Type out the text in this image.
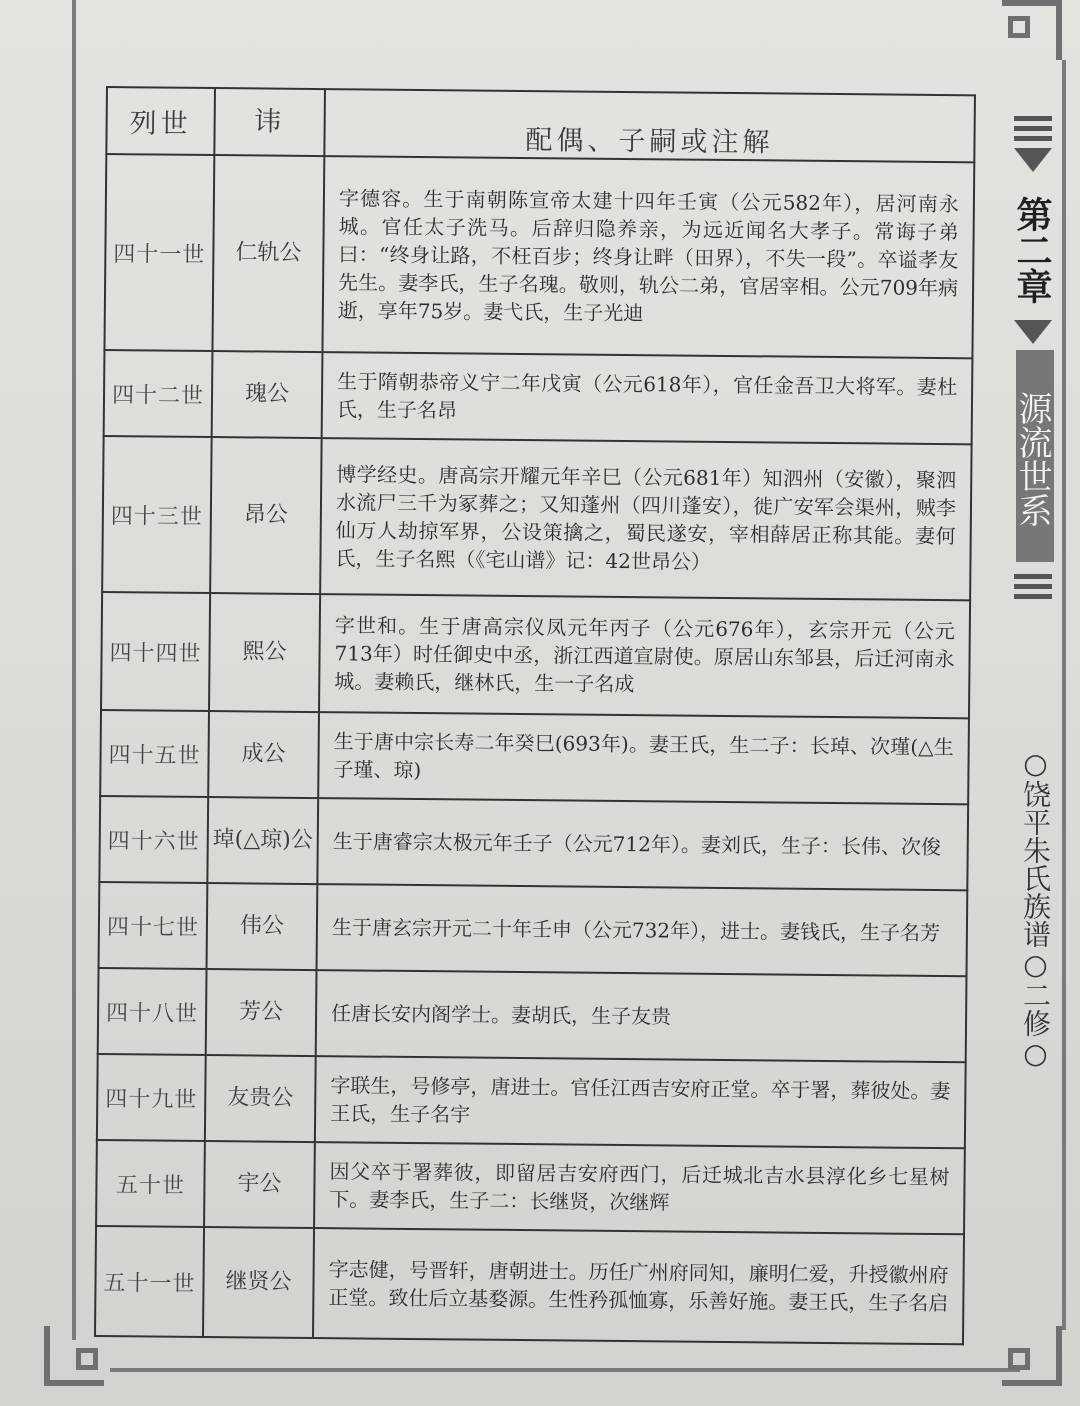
列世	讳	配偶、子嗣或注解
四十一世	仁轨公	字德容。生于南朝陈宣帝太建十四年壬寅（公元582年），居河南永城。官任太子洗马。后辞归隐养亲，为远近闻名大孝子。常诲子弟曰：“终身让路，不枉百步；终身让畔（田界），不失一段”。卒谥孝友先生。妻李氏，生子名瑰。敬则，轨公二弟，官居宰相。公元709年病逝，享年75岁。妻弋氏，生子光迪
四十二世	瑰公	生于隋朝恭帝义宁二年戊寅（公元618年），官任金吾卫大将军。妻杜氏，生子名昂
四十三世	昂公	博学经史。唐高宗开耀元年辛巳（公元681年）知泗州（安徽），聚泗水流尸三千为冢葬之；又知蓬州（四川蓬安），徙广安军会渠州，贼李仙万人劫掠军界，公设策擒之，蜀民遂安，宰相薛居正称其能。妻何氏，生子名熙（《宅山谱》记：42世昂公）
四十四世	熙公	字世和。生于唐高宗仪凤元年丙子（公元676年），玄宗开元（公元713年）时任御史中丞，浙江西道宣尉使。原居山东邹县，后迁河南永城。妻赖氏，继林氏，生一子名成
四十五世	成公	生于唐中宗长寿二年癸巳(693年)。妻王氏，生二子：长琸、次瑾(△生子瑾、琼)
四十六世	琸(△琼)公	生于唐睿宗太极元年壬子（公元712年）。妻刘氏，生子：长伟、次俊
四十七世	伟公	生于唐玄宗开元二十年壬申（公元732年），进士。妻钱氏，生子名芳
四十八世	芳公	任唐长安内阁学士。妻胡氏，生子友贵
四十九世	友贵公	字联生，号修亭，唐进士。官任江西吉安府正堂。卒于署，葬彼处。妻王氏，生子名宇
五十世	宇公	因父卒于署葬彼，即留居吉安府西门，后迁城北吉水县淳化乡七星树下。妻李氏，生子二：长继贤，次继辉
五十一世	继贤公	字志健，号晋轩，唐朝进士。历任广州府同知，廉明仁爱，升授徽州府正堂。致仕后立基婺源。生性矜孤恤寡，乐善好施。妻王氏，生子名启
第二章
源流世系
○饶平朱氏族谱○二修○
